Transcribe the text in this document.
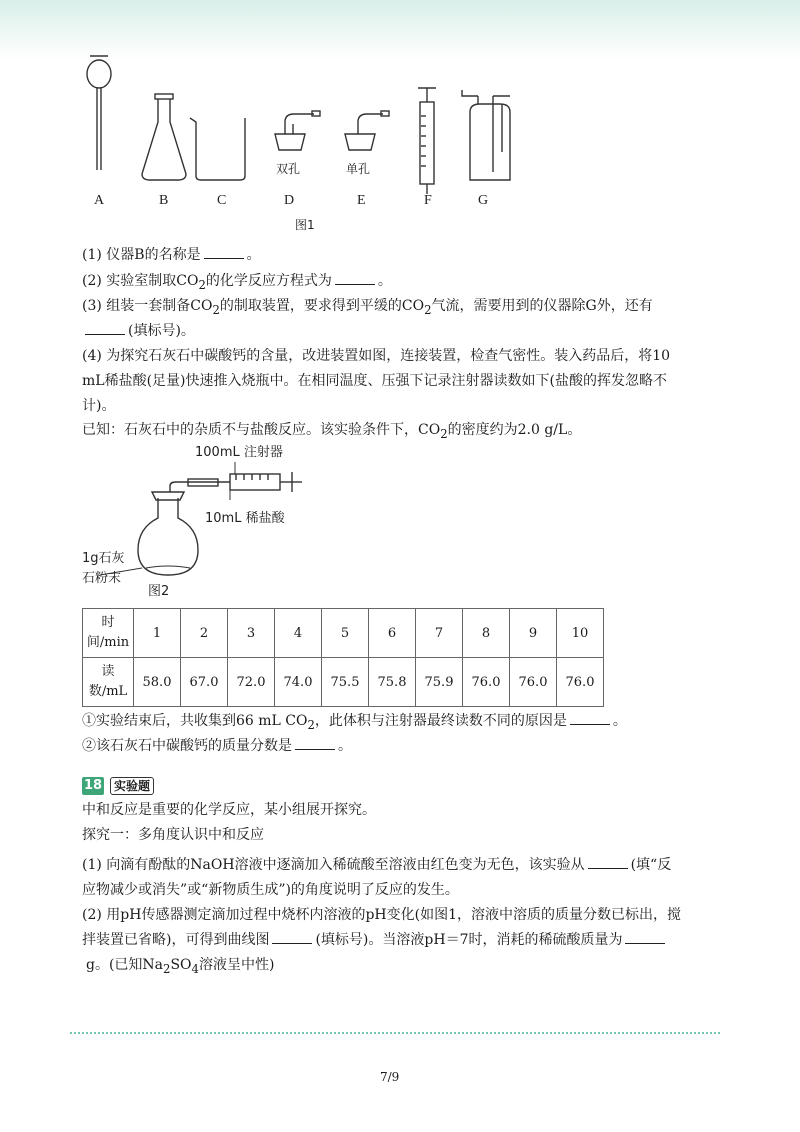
A	B	C	D	E	F	G
双孔	单孔
图1
(1) 仪器B的名称是	。
(2) 实验室制取$CO_2$的化学反应方程式为	。
(3) 组装一套制备$CO_2$的制取装置，要求得到平缓的$CO_2$气流，需要用到的仪器除G外，还有
(填标号)。
(4) 为探究石灰石中碳酸钙的含量，改进装置如图，连接装置，检查气密性。装入药品后，将10
mL稀盐酸(足量)快速推入烧瓶中。在相同温度、压强下记录注射器读数如下(盐酸的挥发忽略不
计)。
已知：石灰石中的杂质不与盐酸反应。该实验条件下，$CO_2$的密度约为2.0 g/L。
100mL 注射器
10mL 稀盐酸
1g石灰
石粉末
图2
时
间/min	1	2	3	4	5	6	7	8	9	10
读
数/mL	58.0	67.0	72.0	74.0	75.5	75.8	75.9	76.0	76.0	76.0
①实验结束后，共收集到66 mL $CO_2$，此体积与注射器最终读数不同的原因是	。
②该石灰石中碳酸钙的质量分数是	。
18 实验题
中和反应是重要的化学反应，某小组展开探究。
探究一：多角度认识中和反应
(1) 向滴有酚酞的NaOH溶液中逐滴加入稀硫酸至溶液由红色变为无色，该实验从	(填“反
应物减少或消失”或“新物质生成”)的角度说明了反应的发生。
(2) 用pH传感器测定滴加过程中烧杯内溶液的pH变化(如图1，溶液中溶质的质量分数已标出，搅
拌装置已省略)，可得到曲线图	(填标号)。当溶液pH＝7时，消耗的稀硫酸质量为
g。(已知$Na_2SO_4$溶液呈中性)
7/9
